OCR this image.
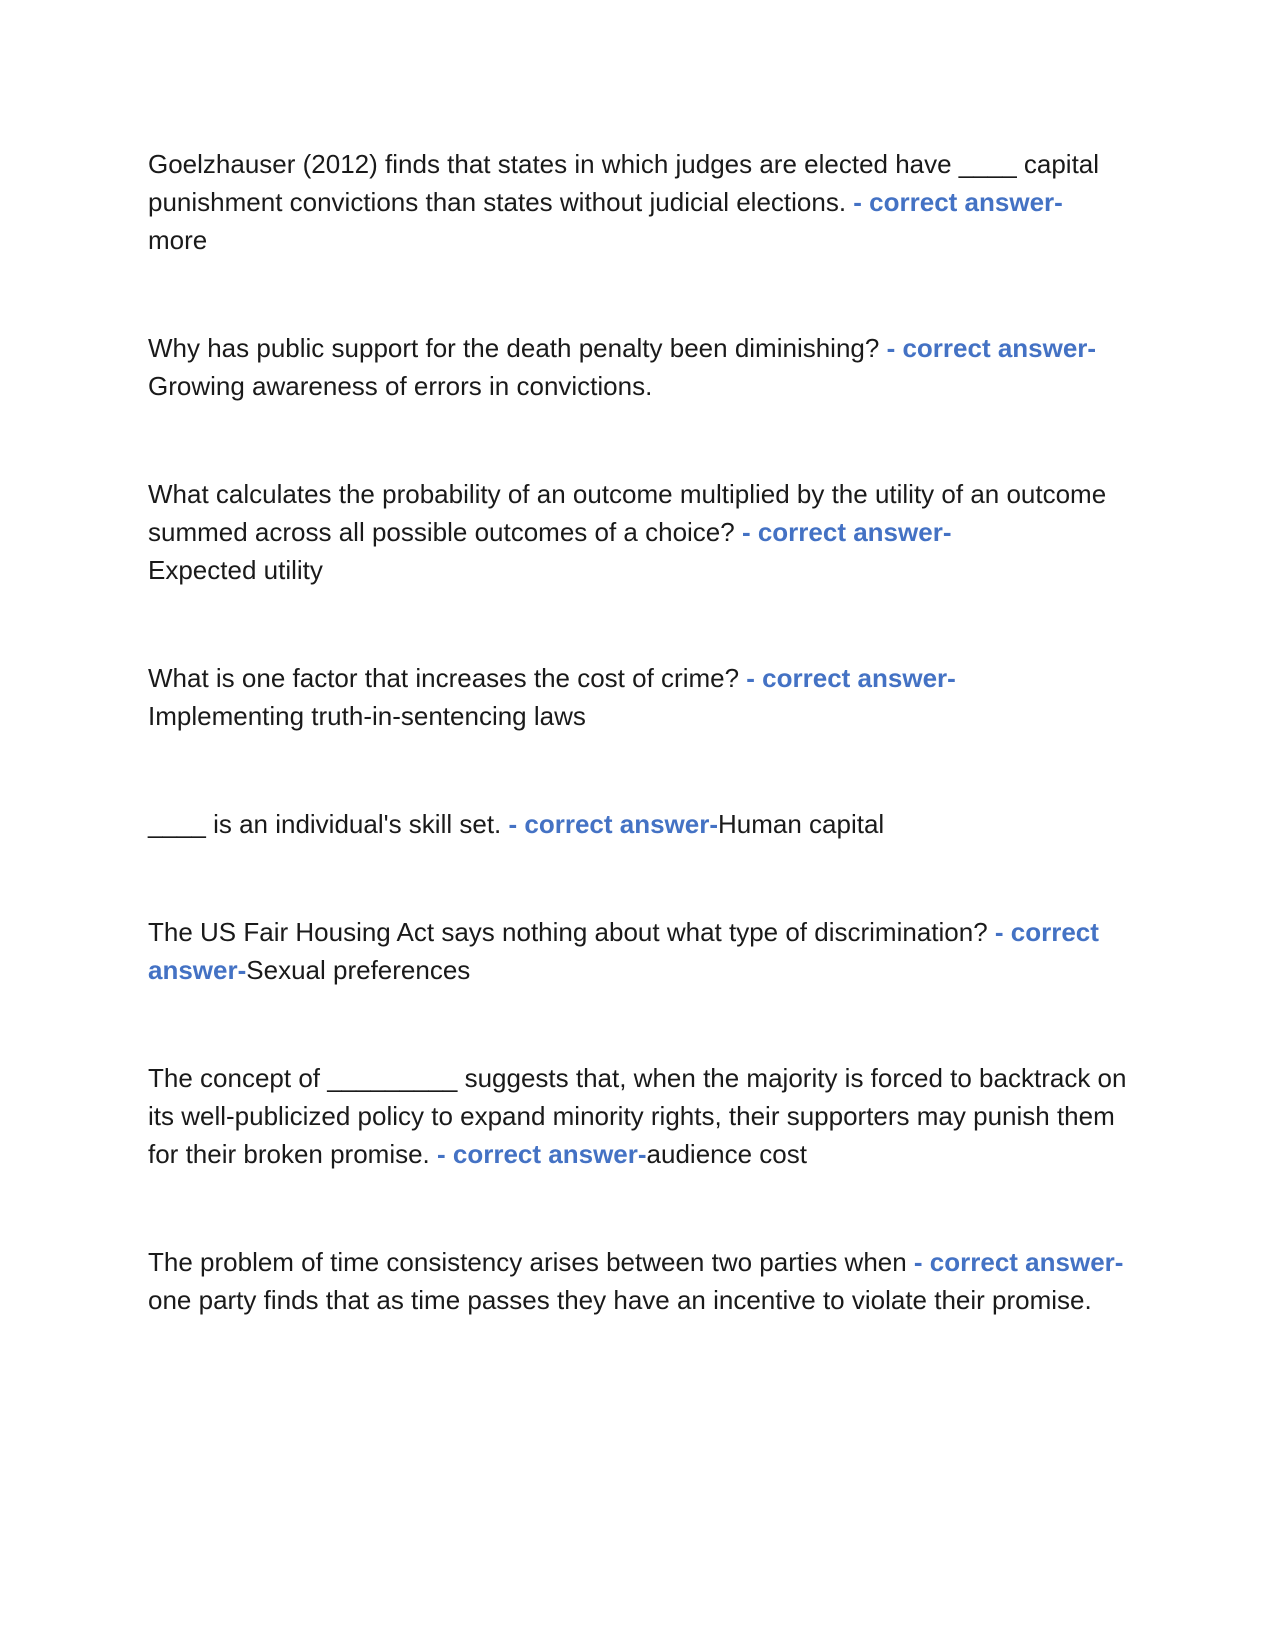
Goelzhauser (2012) finds that states in which judges are elected have ____ capital punishment convictions than states without judicial elections. - correct answer-
more

Why has public support for the death penalty been diminishing? - correct answer-
Growing awareness of errors in convictions.

What calculates the probability of an outcome multiplied by the utility of an outcome summed across all possible outcomes of a choice? - correct answer-
Expected utility

What is one factor that increases the cost of crime? - correct answer-
Implementing truth-in-sentencing laws

____ is an individual's skill set. - correct answer-Human capital

The US Fair Housing Act says nothing about what type of discrimination? - correct answer-Sexual preferences

The concept of _________ suggests that, when the majority is forced to backtrack on its well-publicized policy to expand minority rights, their supporters may punish them for their broken promise. - correct answer-audience cost

The problem of time consistency arises between two parties when - correct answer-one party finds that as time passes they have an incentive to violate their promise.
